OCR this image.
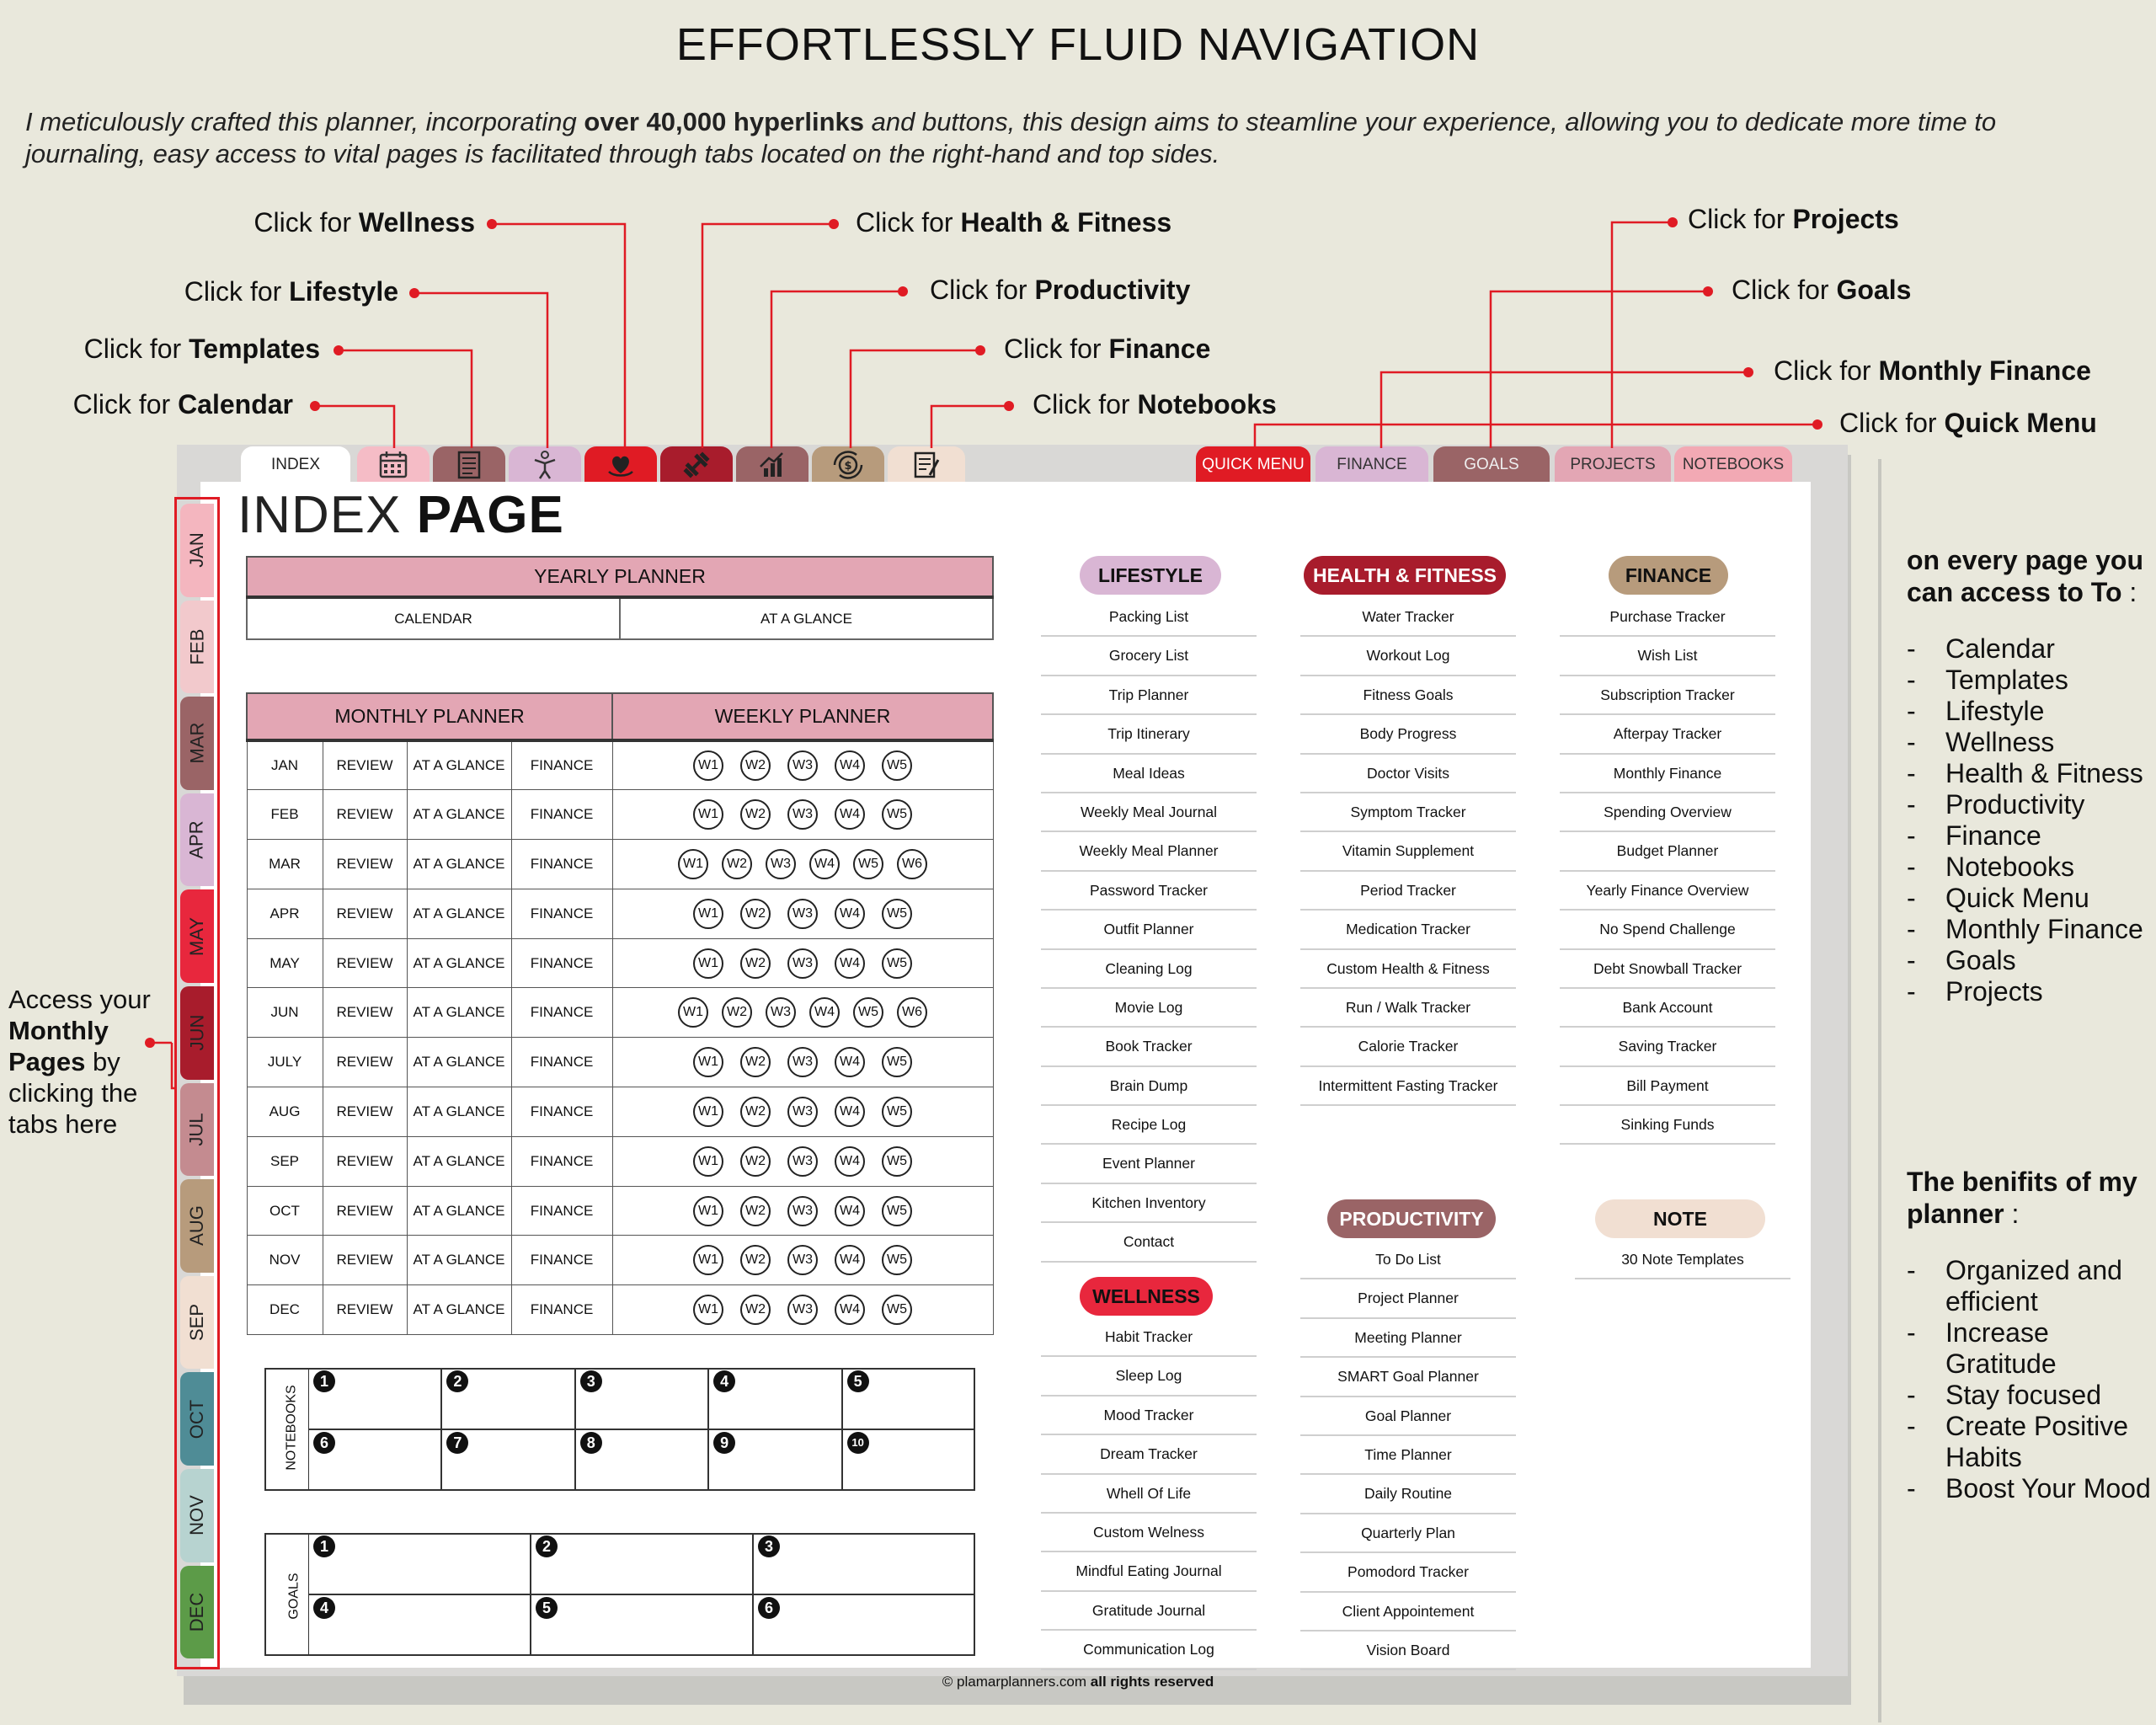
EFFORTLESSLY FLUID NAVIGATION
I meticulously crafted this planner, incorporating over 40,000 hyperlinks and buttons, this design aims to steamline your experience, allowing you to dedicate more time to journaling, easy access to vital pages is facilitated through tabs located on the right-hand and top sides.
Click for Wellness
Click for Lifestyle
Click for Templates
Click for Calendar
Click for Health & Fitness
Click for Productivity
Click for Finance
Click for Notebooks
Click for Projects
Click for Goals
Click for Monthly Finance
Click for Quick Menu
Access your Monthly Pages by clicking the tabs here
on every page you can access to To :
- Calendar
- Templates
- Lifestyle
- Wellness
- Health & Fitness
- Productivity
- Finance
- Notebooks
- Quick Menu
- Monthly Finance
- Goals
- Projects
The benifits of my planner :
- Organized and efficient
- Increase Gratitude
- Stay focused
- Create Positive Habits
- Boost Your Mood
INDEX	$	QUICK MENU FINANCE	GOALS	PROJECTS NOTEBOOKS
INDEX PAGE
YEARLY PLANNER
CALENDAR	AT A GLANCE
MONTHLY PLANNER				WEEKLY PLANNER
JAN	REVIEW	AT A GLANCE	FINANCE	W1 W2 W3 W4 W5
FEB	REVIEW	AT A GLANCE	FINANCE	W1 W2 W3 W4 W5
MAR	REVIEW	AT A GLANCE	FINANCE	W1 W2 W3 W4 W5 W6
APR	REVIEW	AT A GLANCE	FINANCE	W1 W2 W3 W4 W5
MAY	REVIEW	AT A GLANCE	FINANCE	W1 W2 W3 W4 W5
JUN	REVIEW	AT A GLANCE	FINANCE	W1 W2 W3 W4 W5 W6
JULY	REVIEW	AT A GLANCE	FINANCE	W1 W2 W3 W4 W5
AUG	REVIEW	AT A GLANCE	FINANCE	W1 W2 W3 W4 W5
SEP	REVIEW	AT A GLANCE	FINANCE	W1 W2 W3 W4 W5
OCT	REVIEW	AT A GLANCE	FINANCE	W1 W2 W3 W4 W5
NOV	REVIEW	AT A GLANCE	FINANCE	W1 W2 W3 W4 W5
DEC	REVIEW	AT A GLANCE	FINANCE	W1 W2 W3 W4 W5
NOTEBOOKS
1	2	3	4	5
6	7	8	9	10
GOALS
1	2	3
4	5	6
LIFESTYLE
Packing List
Grocery List
Trip Planner
Trip Itinerary
Meal Ideas
Weekly Meal Journal
Weekly Meal Planner
Password Tracker
Outfit Planner
Cleaning Log
Movie Log
Book Tracker
Brain Dump
Recipe Log
Event Planner
Kitchen Inventory
Contact
WELLNESS
Habit Tracker
Sleep Log
Mood Tracker
Dream Tracker
Whell Of Life
Custom Welness
Mindful Eating Journal
Gratitude Journal
Communication Log
HEALTH & FITNESS
Water Tracker
Workout Log
Fitness Goals
Body Progress
Doctor Visits
Symptom Tracker
Vitamin Supplement
Period Tracker
Medication Tracker
Custom Health & Fitness
Run / Walk Tracker
Calorie Tracker
Intermittent Fasting Tracker
PRODUCTIVITY
To Do List
Project Planner
Meeting Planner
SMART Goal Planner
Goal Planner
Time Planner
Daily Routine
Quarterly Plan
Pomodord Tracker
Client Appointement
Vision Board
FINANCE
Purchase Tracker
Wish List
Subscription Tracker
Afterpay Tracker
Monthly Finance
Spending Overview
Budget Planner
Yearly Finance Overview
No Spend Challenge
Debt Snowball Tracker
Bank Account
Saving Tracker
Bill Payment
Sinking Funds
NOTE
30 Note Templates
© plamarplanners.com all rights reserved
JAN
FEB
MAR
APR
MAY
JUN
JUL
AUG
SEP
OCT
NOV
DEC
